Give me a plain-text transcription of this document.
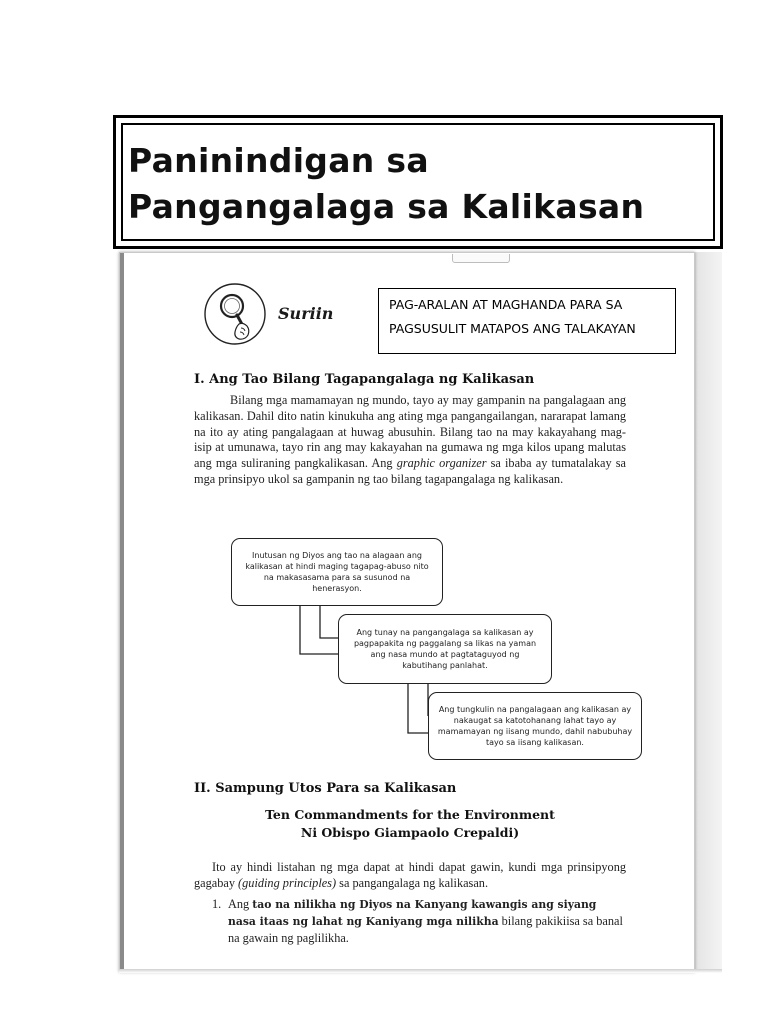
Paninindigan sa
Pangangalaga sa Kalikasan
Suriin	PAG-ARALAN AT MAGHANDA PARA SA
PAGSUSULIT MATAPOS ANG TALAKAYAN
I. Ang Tao Bilang Tagapangalaga ng Kalikasan
Bilang mga mamamayan ng mundo, tayo ay may gampanin na pangalagaan ang kalikasan. Dahil dito natin kinukuha ang ating mga pangangailangan, nararapat lamang na ito ay ating pangalagaan at huwag abusuhin. Bilang tao na may kakayahang mag-isip at umunawa, tayo rin ang may kakayahan na gumawa ng mga kilos upang malutas ang mga suliraning pangkalikasan. Ang graphic organizer sa ibaba ay tumatalakay sa mga prinsipyo ukol sa gampanin ng tao bilang tagapangalaga ng kalikasan.
Inutusan ng Diyos ang tao na alagaan ang kalikasan at hindi maging tagapag-abuso nito na makasasama para sa susunod na henerasyon.
Ang tunay na pangangalaga sa kalikasan ay pagpapakita ng paggalang sa likas na yaman ang nasa mundo at pagtataguyod ng kabutihang panlahat.
Ang tungkulin na pangalagaan ang kalikasan ay nakaugat sa katotohanang lahat tayo ay mamamayan ng iisang mundo, dahil nabubuhay tayo sa iisang kalikasan.
II. Sampung Utos Para sa Kalikasan
Ten Commandments for the Environment
Ni Obispo Giampaolo Crepaldi)
Ito ay hindi listahan ng mga dapat at hindi dapat gawin, kundi mga prinsipyong gagabay (guiding principles) sa pangangalaga ng kalikasan.
1. Ang tao na nilikha ng Diyos na Kanyang kawangis ang siyang nasa itaas ng lahat ng Kaniyang mga nilikha bilang pakikiisa sa banal na gawain ng paglilikha.
